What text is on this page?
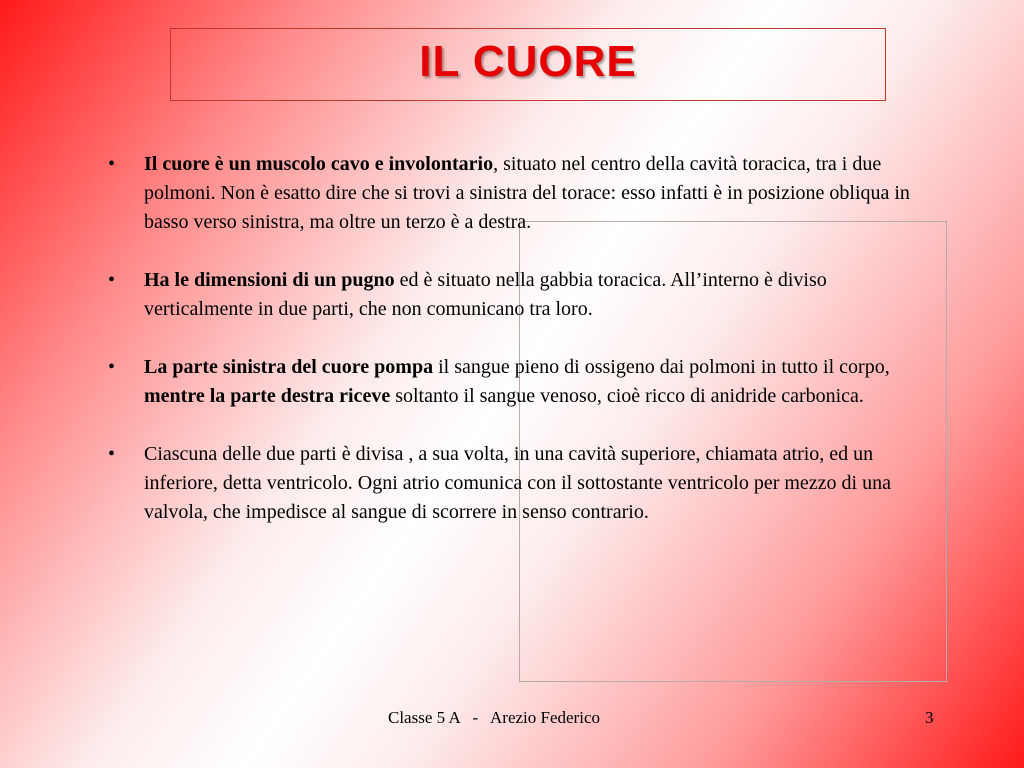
IL CUORE
• Il cuore è un muscolo cavo e involontario, situato nel centro della cavità toracica, tra i due polmoni. Non è esatto dire che si trovi a sinistra del torace: esso infatti è in posizione obliqua in basso verso sinistra, ma oltre un terzo è a destra.
• Ha le dimensioni di un pugno ed è situato nella gabbia toracica. All’interno è diviso verticalmente in due parti, che non comunicano tra loro.
• La parte sinistra del cuore pompa il sangue pieno di ossigeno dai polmoni in tutto il corpo, mentre la parte destra riceve soltanto il sangue venoso, cioè ricco di anidride carbonica.
• Ciascuna delle due parti è divisa , a sua volta, in una cavità superiore, chiamata atrio, ed un inferiore, detta ventricolo. Ogni atrio comunica con il sottostante ventricolo per mezzo di una valvola, che impedisce al sangue di scorrere in senso contrario.
Classe 5 A   -   Arezio Federico	3
